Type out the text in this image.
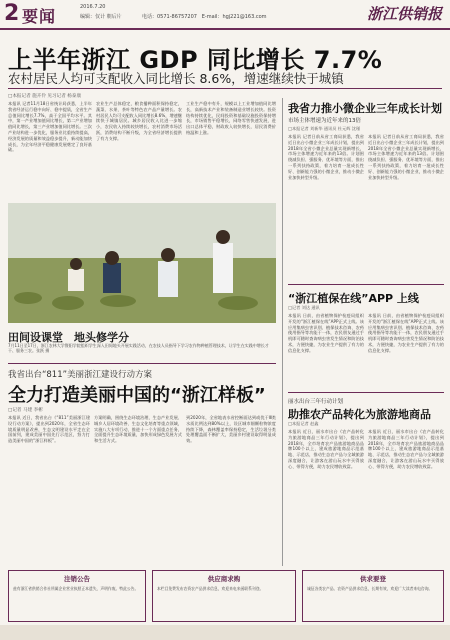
2 要闻	2016.7.20
编辑：仅计 朝后片	电话：0571-86757207 E-mail：hgj221@163.com	浙江供销报
上半年浙江 GDP 同比增长 7.7%
农村居民人均可支配收入同比增长 8.6%，增速继续快于城镇
□本报记者 施卉伶 见习记者 杨泰康
本报讯 记者11月18日省统计局获悉，上半年我省经济运行稳中向好、稳中提质，全省生产总值同比增长7.7%，高于全国平均水平。其中，第一产业增加值同比增长，第二产业增加值同比增长，第三产业增加值同比增长。三次产业结构进一步优化，服务业比重持续提高，经济发展的质量和效益稳步提升，新动能加快成长，为全年经济平稳健康发展奠定了良好基础。
农业生产总体稳定，粮食播种面积保持稳定，蔬菜、水果、茶叶等特色农产品产量增长。农村居民人均可支配收入同比增长8.6%，增速继续快于城镇居民。城乡居民收入比进一步缩小，农民收入持续较快增长，农村消费市场活跃，消费结构不断升级，为全省经济增长提供了有力支撑。
工业生产稳中有升，规模以上工业增加值同比增长，高新技术产业和装备制造业增长较快。投资结构持续优化，民间投资和基础设施投资保持增长，市场销售平稳增长，网络零售快速发展，进出口总体平稳，财政收入较快增长，居民消费价格温和上涨。
田间设课堂　地头修学分
7月11日至17日，浙江农林大学暨阳学院组织学生深入田间地头开展实践活动，在农技人员指导下学习农作物种植管理技术，让学生在实践中增长才干、服务三农。张跃 摄
我省出台“811”美丽浙江建设行动方案
全力打造美丽中国的“浙江样板”
□记者 马建 李彬
本报讯 近日，我省出台《“811”美丽浙江建设行动方案》，提出到2020年，全省生态环境质量明显改善，生态文明建设水平走在全国前列，建成美丽中国先行示范区，努力打造美丽中国的“浙江样板”。
方案明确，围绕生态环境治理、生态产业发展、城乡人居环境改善、生态文化培育等重点领域，实施八大专项行动，推进十一个方面重点任务，全面提升生态环境质量，加快形成绿色发展方式和生活方式。
到2020年，全省地表水省控断面达到或优于Ⅲ类水质比例达到80%以上，设区城市细颗粒物浓度持续下降，森林覆盖率保持稳定，生活垃圾分类处理覆盖面不断扩大，美丽乡村建设取得明显成效。
我省力推小微企业三年成长计划
市场主体增速为近年来的13倍
□本报记者 刘新华 通讯员 杜元辉 沈瑾
本报讯 记者日前从省工商局获悉，我省近日出台小微企业三年成长计划，提出到2018年全省小微企业总量实现新增长，市场主体增速为近年来的13倍。计划围绕减负担、强服务、优环境等方面，推出一系列扶持政策，着力培育一批成长性好、创新能力强的小微企业，推动小微企业加快转型升级。
本报讯 记者日前从省工商局获悉，我省近日出台小微企业三年成长计划，提出到2018年全省小微企业总量实现新增长，市场主体增速为近年来的13倍。计划围绕减负担、强服务、优环境等方面，推出一系列扶持政策，着力培育一批成长性好、创新能力强的小微企业，推动小微企业加快转型升级。
“浙江植保在线”APP 上线
□记者 刘达 通讯
本报讯 日前，由省植物保护检疫局组织开发的“浙江植保在线”APP正式上线。该应用集病虫害识别、植保技术咨询、农药使用指导等功能于一体，农民朋友通过手机即可随时查询病虫害发生情况和防治技术，方便快捷，为农业生产提供了有力的信息化支撑。
本报讯 日前，由省植物保护检疫局组织开发的“浙江植保在线”APP正式上线。该应用集病虫害识别、植保技术咨询、农药使用指导等功能于一体，农民朋友通过手机即可随时查询病虫害发生情况和防治技术，方便快捷，为农业生产提供了有力的信息化支撑。
丽水出台三年行动计划
助推农产品转化为旅游地商品
□本报记者 赵鑫
本报讯 近日，丽水市出台《农产品转化为旅游地商品三年行动计划》，提出到2018年，全市培育农产品旅游地商品品牌100个以上，建成旅游地商品示范基地、示范店，推动生态农产品与全域旅游深度融合，让游客在游山玩水中买得放心、带得方便，助力农民增收致富。
本报讯 近日，丽水市出台《农产品转化为旅游地商品三年行动计划》，提出到2018年，全市培育农产品旅游地商品品牌100个以上，建成旅游地商品示范基地、示范店，推动生态农产品与全域旅游深度融合，让游客在游山玩水中买得放心、带得方便，助力农民增收致富。
注销公告
兹有浙江省供销合作社所属企业营业执照正本遗失，声明作废。特此公告。
供应商求购
本栏目免费发布农资农产品供求信息，欢迎来电来函联系刊登。
供求要登
诚征各类农产品、农资产品供求信息，长期有效，欢迎广大读者来电咨询。
